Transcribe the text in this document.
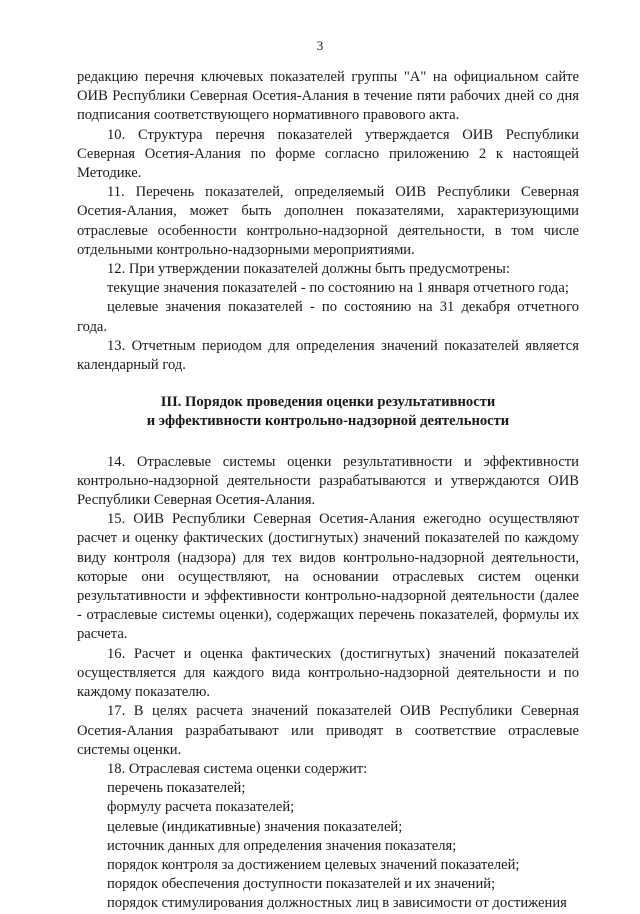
3

редакцию перечня ключевых показателей группы "А" на официальном сайте ОИВ Республики Северная Осетия-Алания в течение пяти рабочих дней со дня подписания соответствующего нормативного правового акта.

10. Структура перечня показателей утверждается ОИВ Республики Северная Осетия-Алания по форме согласно приложению 2 к настоящей Методике.

11. Перечень показателей, определяемый ОИВ Республики Северная Осетия-Алания, может быть дополнен показателями, характеризующими отраслевые особенности контрольно-надзорной деятельности, в том числе отдельными контрольно-надзорными мероприятиями.

12. При утверждении показателей должны быть предусмотрены:

текущие значения показателей - по состоянию на 1 января отчетного года;

целевые значения показателей - по состоянию на 31 декабря отчетного года.

13. Отчетным периодом для определения значений показателей является календарный год.

III. Порядок проведения оценки результативности
и эффективности контрольно-надзорной деятельности

14. Отраслевые системы оценки результативности и эффективности контрольно-надзорной деятельности разрабатываются и утверждаются ОИВ Республики Северная Осетия-Алания.

15. ОИВ Республики Северная Осетия-Алания ежегодно осуществляют расчет и оценку фактических (достигнутых) значений показателей по каждому виду контроля (надзора) для тех видов контрольно-надзорной деятельности, которые они осуществляют, на основании отраслевых систем оценки результативности и эффективности контрольно-надзорной деятельности (далее - отраслевые системы оценки), содержащих перечень показателей, формулы их расчета.

16. Расчет и оценка фактических (достигнутых) значений показателей осуществляется для каждого вида контрольно-надзорной деятельности и по каждому показателю.

17. В целях расчета значений показателей ОИВ Республики Северная Осетия-Алания разрабатывают или приводят в соответствие отраслевые системы оценки.

18. Отраслевая система оценки содержит:

перечень показателей;

формулу расчета показателей;

целевые (индикативные) значения показателей;

источник данных для определения значения показателя;

порядок контроля за достижением целевых значений показателей;

порядок обеспечения доступности показателей и их значений;

порядок стимулирования должностных лиц в зависимости от достижения
